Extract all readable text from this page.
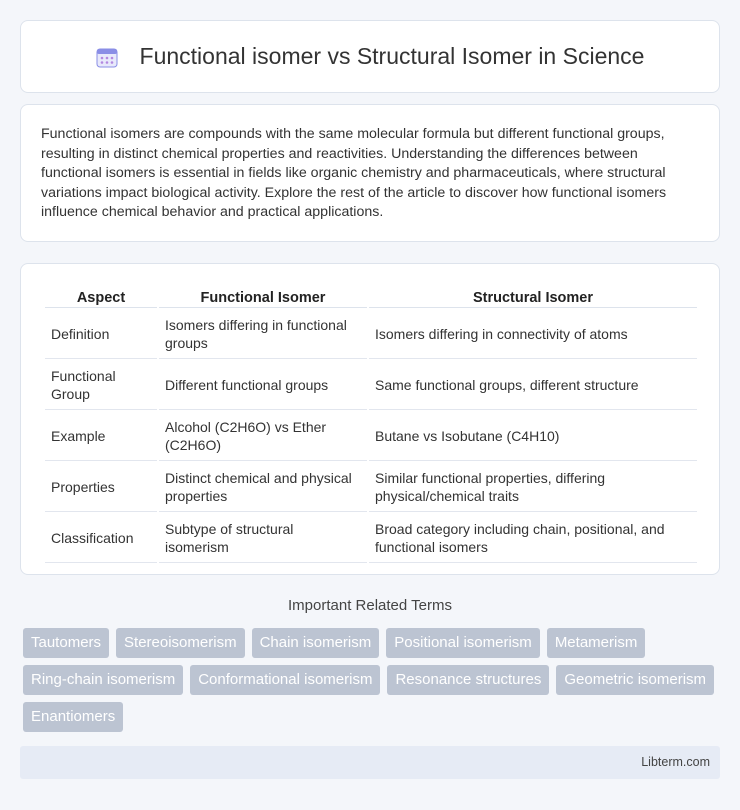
Functional isomer vs Structural Isomer in Science

Functional isomers are compounds with the same molecular formula but different functional groups, resulting in distinct chemical properties and reactivities. Understanding the differences between functional isomers is essential in fields like organic chemistry and pharmaceuticals, where structural variations impact biological activity. Explore the rest of the article to discover how functional isomers influence chemical behavior and practical applications.

Aspect	Functional Isomer	Structural Isomer
Definition	Isomers differing in functional groups	Isomers differing in connectivity of atoms
Functional Group	Different functional groups	Same functional groups, different structure
Example	Alcohol (C2H6O) vs Ether (C2H6O)	Butane vs Isobutane (C4H10)
Properties	Distinct chemical and physical properties	Similar functional properties, differing physical/chemical traits
Classification	Subtype of structural isomerism	Broad category including chain, positional, and functional isomers
Important Related Terms
Tautomers	Stereoisomerism	Chain isomerism	Positional isomerism	Metamerism
Ring-chain isomerism	Conformational isomerism	Resonance structures	Geometric isomerism
Enantiomers
Libterm.com
